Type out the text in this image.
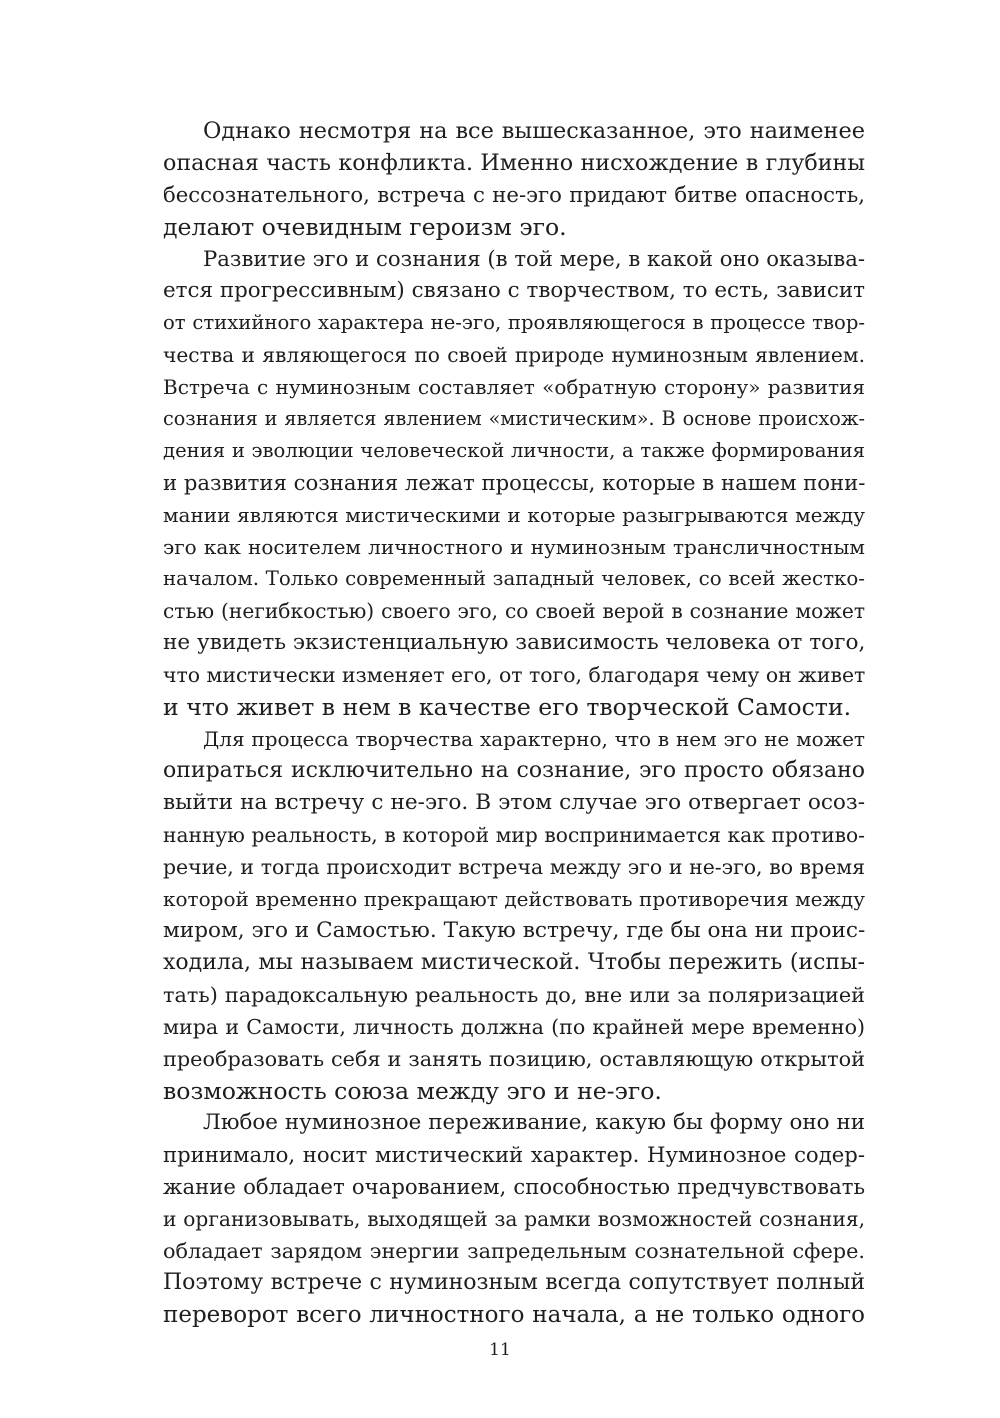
Однако несмотря на все вышесказанное, это наименее
опасная часть конфликта. Именно нисхождение в глубины
бессознательного, встреча с не-эго придают битве опасность,
делают очевидным героизм эго.
Развитие эго и сознания (в той мере, в какой оно оказыва-
ется прогрессивным) связано с творчеством, то есть, зависит
от стихийного характера не-эго, проявляющегося в процессе твор-
чества и являющегося по своей природе нуминозным явлением.
Встреча с нуминозным составляет «обратную сторону» развития
сознания и является явлением «мистическим». В основе происхож-
дения и эволюции человеческой личности, а также формирования
и развития сознания лежат процессы, которые в нашем пони-
мании являются мистическими и которые разыгрываются между
эго как носителем личностного и нуминозным трансличностным
началом. Только современный западный человек, со всей жестко-
стью (негибкостью) своего эго, со своей верой в сознание может
не увидеть экзистенциальную зависимость человека от того,
что мистически изменяет его, от того, благодаря чему он живет
и что живет в нем в качестве его творческой Самости.
Для процесса творчества характерно, что в нем эго не может
опираться исключительно на сознание, эго просто обязано
выйти на встречу с не-эго. В этом случае эго отвергает осоз-
нанную реальность, в которой мир воспринимается как противо-
речие, и тогда происходит встреча между эго и не-эго, во время
которой временно прекращают действовать противоречия между
миром, эго и Самостью. Такую встречу, где бы она ни проис-
ходила, мы называем мистической. Чтобы пережить (испы-
тать) парадоксальную реальность до, вне или за поляризацией
мира и Самости, личность должна (по крайней мере временно)
преобразовать себя и занять позицию, оставляющую открытой
возможность союза между эго и не-эго.
Любое нуминозное переживание, какую бы форму оно ни
принимало, носит мистический характер. Нуминозное содер-
жание обладает очарованием, способностью предчувствовать
и организовывать, выходящей за рамки возможностей сознания,
обладает зарядом энергии запредельным сознательной сфере.
Поэтому встрече с нуминозным всегда сопутствует полный
переворот всего личностного начала, а не только одного
11
